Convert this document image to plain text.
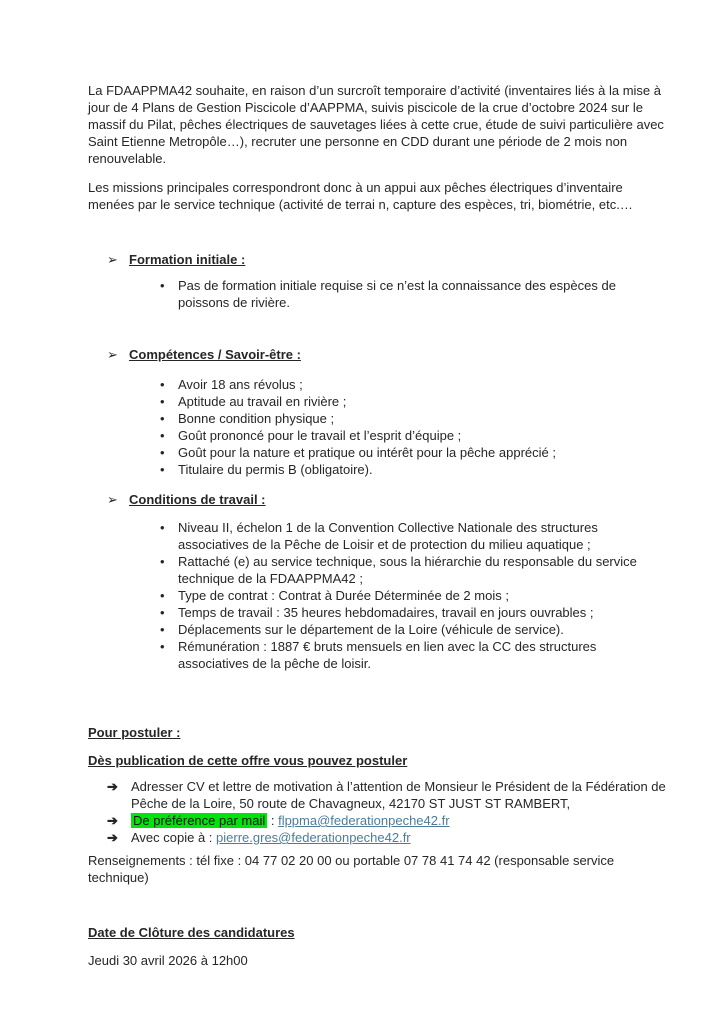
La FDAAPPMA42 souhaite, en raison d’un surcroît temporaire d’activité (inventaires liés à la mise à jour de 4 Plans de Gestion Piscicole d’AAPPMA, suivis piscicole de la crue d’octobre 2024 sur le massif du Pilat, pêches électriques de sauvetages liées à cette crue, étude de suivi particulière avec Saint Etienne Metropôle…), recruter une personne en CDD durant une période de 2 mois non renouvelable.

Les missions principales correspondront donc à un appui aux pêches électriques d’inventaire menées par le service technique (activité de terrai n, capture des espèces, tri, biométrie, etc.…

➢ Formation initiale :
•	Pas de formation initiale requise si ce n’est la connaissance des espèces de poissons de rivière.
➢ Compétences / Savoir-être :
•	Avoir 18 ans révolus ;
•	Aptitude au travail en rivière ;
•	Bonne condition physique ;
•	Goût prononcé pour le travail et l’esprit d’équipe ;
•	Goût pour la nature et pratique ou intérêt pour la pêche apprécié ;
•	Titulaire du permis B (obligatoire).
➢ Conditions de travail :
•	Niveau II, échelon 1 de la Convention Collective Nationale des structures associatives de la Pêche de Loisir et de protection du milieu aquatique ;
•	Rattaché (e) au service technique, sous la hiérarchie du responsable du service technique de la FDAAPPMA42 ;
•	Type de contrat : Contrat à Durée Déterminée de 2 mois ;
•	Temps de travail : 35 heures hebdomadaires, travail en jours ouvrables ;
•	Déplacements sur le département de la Loire (véhicule de service).
•	Rémunération : 1887 € bruts mensuels en lien avec la CC des structures associatives de la pêche de loisir.

Pour postuler :

Dès publication de cette offre vous pouvez postuler

➔	Adresser CV et lettre de motivation à l’attention de Monsieur le Président de la Fédération de Pêche de la Loire, 50 route de Chavagneux, 42170 ST JUST ST RAMBERT,
➔	De préférence par mail : flppma@federationpeche42.fr
➔	Avec copie à : pierre.gres@federationpeche42.fr

Renseignements : tél fixe : 04 77 02 20 00 ou portable 07 78 41 74 42 (responsable service technique)

Date de Clôture des candidatures

Jeudi 30 avril 2026 à 12h00
